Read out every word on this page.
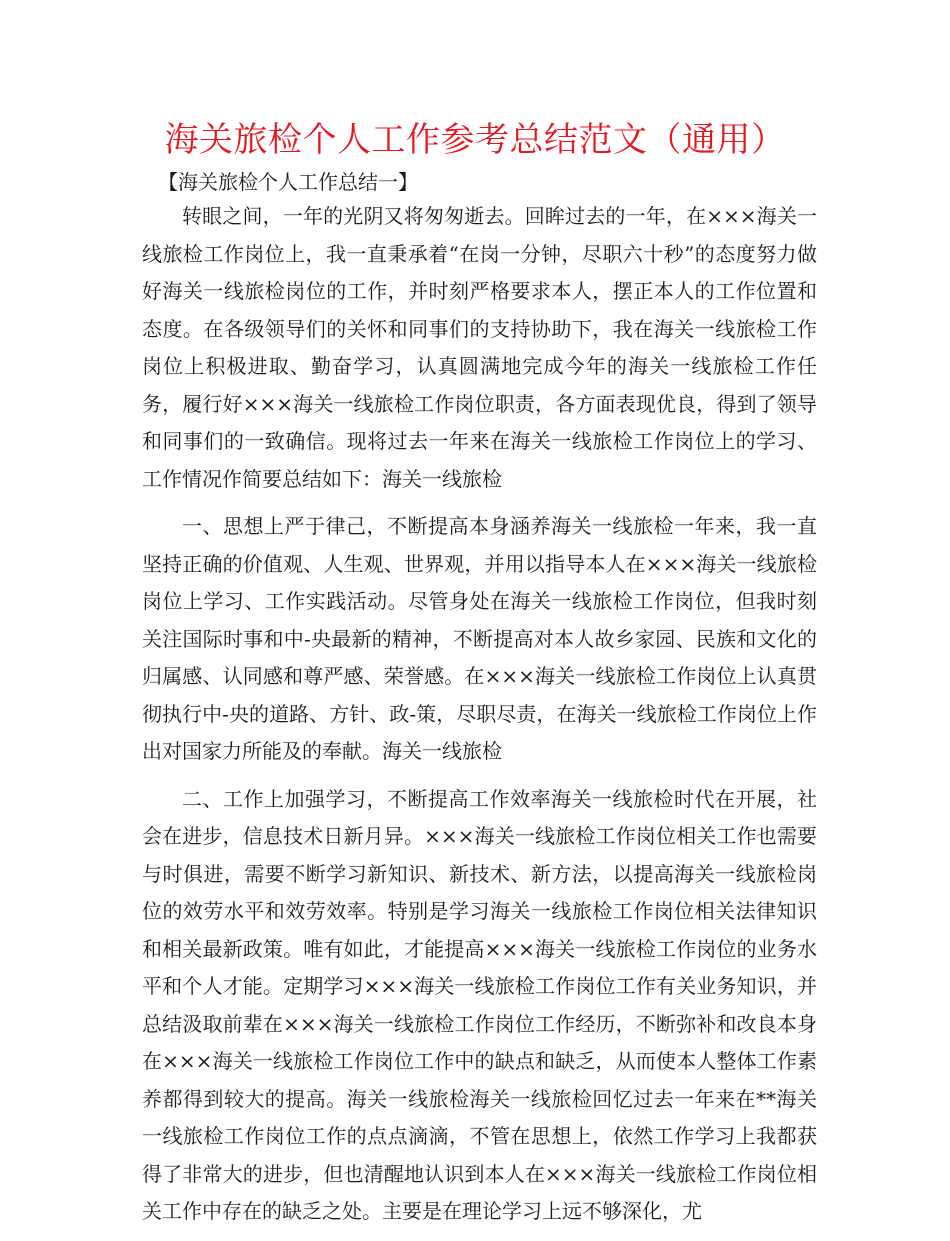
海关旅检个人工作参考总结范文（通用）

【海关旅检个人工作总结一】

转眼之间，一年的光阴又将匆匆逝去。回眸过去的一年，在×××海关一线旅检工作岗位上，我一直秉承着“在岗一分钟，尽职六十秒”的态度努力做好海关一线旅检岗位的工作，并时刻严格要求本人，摆正本人的工作位置和态度。在各级领导们的关怀和同事们的支持协助下，我在海关一线旅检工作岗位上积极进取、勤奋学习，认真圆满地完成今年的海关一线旅检工作任务，履行好×××海关一线旅检工作岗位职责，各方面表现优良，得到了领导和同事们的一致确信。现将过去一年来在海关一线旅检工作岗位上的学习、工作情况作简要总结如下：海关一线旅检

一、思想上严于律己，不断提高本身涵养海关一线旅检一年来，我一直坚持正确的价值观、人生观、世界观，并用以指导本人在×××海关一线旅检岗位上学习、工作实践活动。尽管身处在海关一线旅检工作岗位，但我时刻关注国际时事和中-央最新的精神，不断提高对本人故乡家园、民族和文化的归属感、认同感和尊严感、荣誉感。在×××海关一线旅检工作岗位上认真贯彻执行中-央的道路、方针、政-策，尽职尽责，在海关一线旅检工作岗位上作出对国家力所能及的奉献。海关一线旅检

二、工作上加强学习，不断提高工作效率海关一线旅检时代在开展，社会在进步，信息技术日新月异。×××海关一线旅检工作岗位相关工作也需要与时俱进，需要不断学习新知识、新技术、新方法，以提高海关一线旅检岗位的效劳水平和效劳效率。特别是学习海关一线旅检工作岗位相关法律知识和相关最新政策。唯有如此，才能提高×××海关一线旅检工作岗位的业务水平和个人才能。定期学习×××海关一线旅检工作岗位工作有关业务知识，并总结汲取前辈在×××海关一线旅检工作岗位工作经历，不断弥补和改良本身在×××海关一线旅检工作岗位工作中的缺点和缺乏，从而使本人整体工作素养都得到较大的提高。海关一线旅检海关一线旅检回忆过去一年来在**海关一线旅检工作岗位工作的点点滴滴，不管在思想上，依然工作学习上我都获得了非常大的进步，但也清醒地认识到本人在×××海关一线旅检工作岗位相关工作中存在的缺乏之处。主要是在理论学习上远不够深化，尤
